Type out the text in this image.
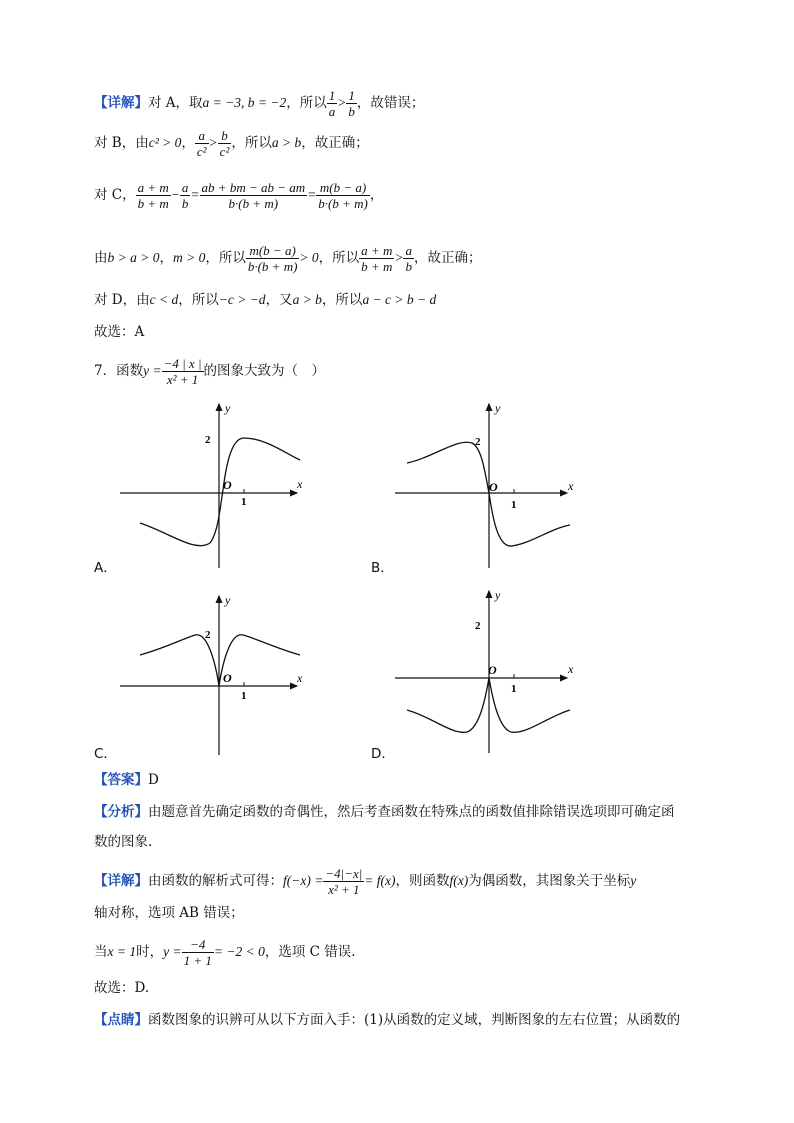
【详解】对 A，取a = −3, b = −2，所以 $\frac{1}{a} > \frac{1}{b}$ ，故错误；
对 B，由c² > 0， $\frac{a}{\text{c²}} > \frac{b}{\text{c²}}$ ，所以a > b，故正确；
对 C， $\frac{a + m}{b + m} - \frac{a}{b} = \frac{ab + bm - ab - am}{b\cdot(b + m)} = \frac{m(b - a)}{b\cdot(b + m)}$ ，
由b > a > 0，m > 0，所以 $\frac{m(b - a)}{b\cdot(b + m)} > 0$，所以 $\frac{a + m}{b + m} > \frac{a}{b}$ ，故正确；
对 D，由c < d，所以−c > −d，又a > b，所以a − c > b − d
故选：A
7．函数$y = \frac{-4 | x |}{\text{x² + 1}}$ 的图象大致为（　）
y
x
O
1
2
A．
y
x
O
1
2
B．
y
x
O
1
2
C．
y
x
O
1
2
D．
【答案】D
【分析】由题意首先确定函数的奇偶性，然后考查函数在特殊点的函数值排除错误选项即可确定函
数的图象.
【详解】由函数的解析式可得：$f(-x) = \frac{-4|-x|}{\text{x² + 1}} = f(x)$，则函数f(x)为偶函数，其图象关于坐标y
轴对称，选项 AB 错误；
当x = 1时，$y = \frac{-4}{1 + 1} = -2 < 0$，选项 C 错误.
故选：D.
【点睛】函数图象的识辨可从以下方面入手：(1)从函数的定义域，判断图象的左右位置；从函数的
